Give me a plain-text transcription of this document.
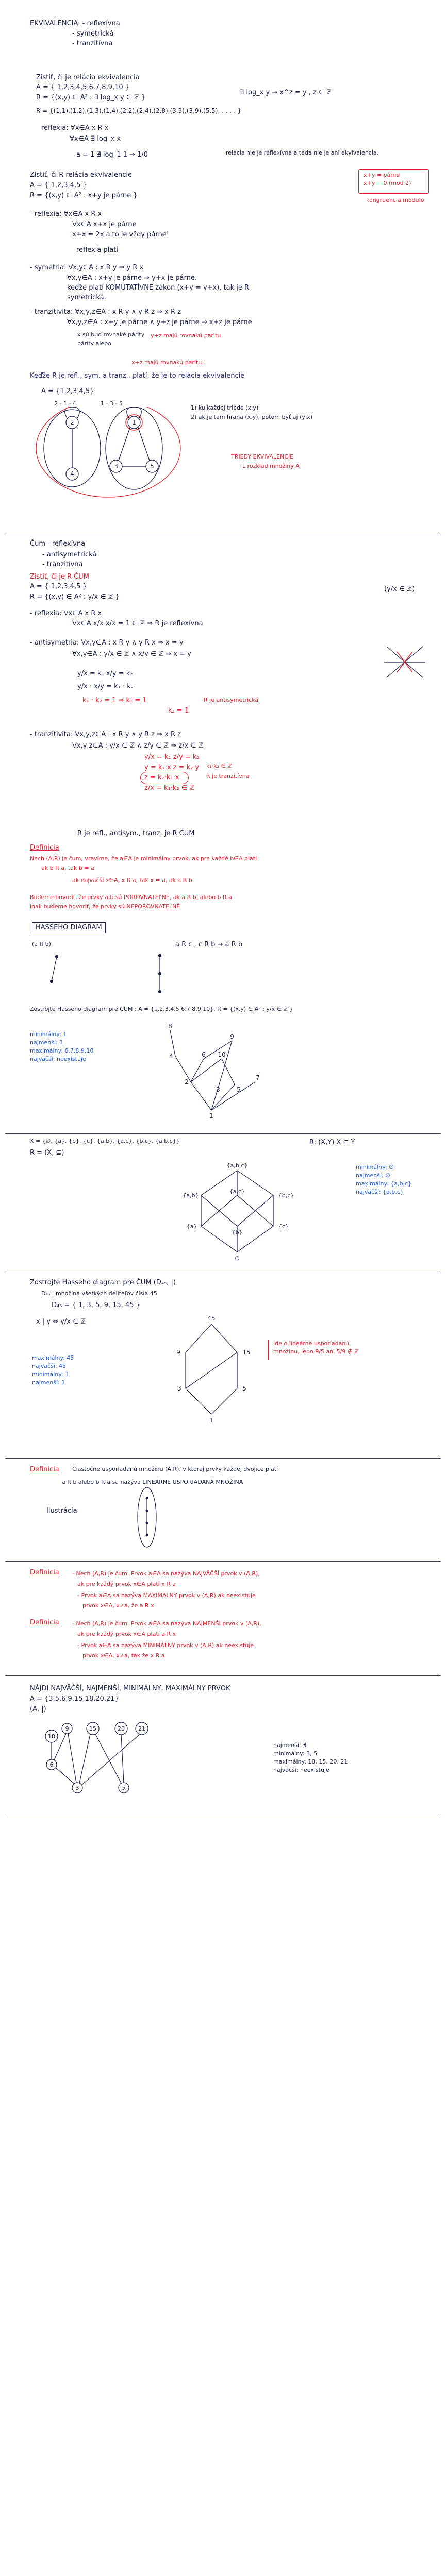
EKVIVALENCIA: - reflexívna
- symetrická
- tranzitívna
Zistiť, či je relácia ekvivalencia
A = { 1,2,3,4,5,6,7,8,9,10 }
R = {(x,y) ∈ A² : ∃ log_x y ∈ ℤ }
∃ log_x y → x^z = y , z ∈ ℤ
R = {(1,1),(1,2),(1,3),(1,4),(2,2),(2,4),(2,8),(3,3),(3,9),(5,5), . . . . }
reflexia: ∀x∈A x R x
∀x∈A ∃ log_x x
a = 1 ∄ log_1 1 → 1/0	relácia nie je reflexívna a teda nie je ani ekvivalencia.
Zistiť, či R relácia ekvivalencie
A = { 1,2,3,4,5 }
R = {(x,y) ∈ A² : x+y je párne }
x+y = párne
x+y ≡ 0 (mod 2)
kongruencia modulo
- reflexia: ∀x∈A x R x
∀x∈A x+x je párne
x+x = 2x a to je vždy párne!
reflexia platí
- symetria: ∀x,y∈A : x R y ⇒ y R x
∀x,y∈A : x+y je párne ⇒ y+x je párne.
keďže platí KOMUTATÍVNE zákon (x+y = y+x), tak je R
symetrická.
- tranzitivita: ∀x,y,z∈A : x R y ∧ y R z ⇒ x R z
∀x,y,z∈A : x+y je párne ∧ y+z je párne ⇒ x+z je párne
x sú buď rovnaké párity
párity alebo
y+z majú rovnakú paritu
x+z majú rovnakú paritu!
Keďže R je refl., sym. a tranz., platí, že je to relácia ekvivalencie
A = {1,2,3,4,5}
2 - 1 - 4	1 - 3 - 5
1) ku každej triede (x,y)
2) ak je tam hrana (x,y), potom byť aj (y,x)
2
4
1
3	5
TRIEDY EKVIVALENCIE
L rozklad množiny A
Čum - reflexívna
- antisymetrická
- tranzitívna
Zistiť, či je R ČUM
A = { 1,2,3,4,5 }
R = {(x,y) ∈ A² : y/x ∈ ℤ }
(y/x ∈ ℤ)
- reflexia: ∀x∈A x R x
∀x∈A x/x x/x = 1 ∈ ℤ ⇒ R je reflexívna
- antisymetria: ∀x,y∈A : x R y ∧ y R x ⇒ x = y
∀x,y∈A : y/x ∈ ℤ ∧ x/y ∈ ℤ ⇒ x = y
y/x = k₁ x/y = k₂
y/x · x/y = k₁ · k₂
k₁ · k₂ = 1 ⇒ k₁ = 1
k₂ = 1
R je antisymetrická
- tranzitivita: ∀x,y,z∈A : x R y ∧ y R z ⇒ x R z
∀x,y,z∈A : y/x ∈ ℤ ∧ z/y ∈ ℤ ⇒ z/x ∈ ℤ
y/x = k₁ z/y = k₂
y = k₁·x z = k₂·y
z = k₂·k₁·x
z/x = k₁·k₂ ∈ ℤ
k₁·k₂ ∈ ℤ
R je tranzitívna
R je refl., antisym., tranz. je R ČUM
Definícia
Nech (A,R) je čum, vravíme, že a∈A je minimálny prvok, ak pre každé b∈A platí
ak b R a, tak b = a
ak najväčší x∈A, x R a, tak x = a, ak a R b
Budeme hovoriť, že prvky a,b sú POROVNATEĽNÉ, ak a R b, alebo b R a
inak budeme hovoriť, že prvky sú NEPOROVNATEĽNÉ
HASSEHO DIAGRAM
(a R b)	a R c , c R b → a R b
Zostrojte Hasseho diagram pre ČUM : A = {1,2,3,4,5,6,7,8,9,10}, R = {(x,y) ∈ A² : y/x ∈ ℤ }
minimálny: 1
najmenší: 1
maximálny: 6,7,8,9,10
najväčší: neexistuje
8
4
2
6 10
9
3	5
7
1
X = {∅, {a}, {b}, {c}, {a,b}, {a,c}, {b,c}, {a,b,c}}
R = (X, ⊆)
R: (X,Y) X ⊆ Y
minimálny: ∅
najmenší: ∅
maximálny: {a,b,c}
najväčší: {a,b,c}
{a,b,c}
{a,b}
{a,c}
{b,c}
{a}
{b}
{c}
∅
Zostrojte Hasseho diagram pre ČUM (D₄₅, |)
D₄₅ : množina všetkých deliteľov čísla 45
D₄₅ = { 1, 3, 5, 9, 15, 45 }
x | y ⇔ y/x ∈ ℤ
maximálny: 45
najväčší: 45
minimálny: 1
najmenší: 1
45
9	15
3	5
1
Ide o lineárne usporiadanú
množinu, lebo 9/5 ani 5/9 ∉ ℤ
Definícia Čiastočne usporiadanú množinu (A,R), v ktorej prvky každej dvojice platí
a R b alebo b R a sa nazýva LINEÁRNE USPORIADANÁ MNOŽINA
Ilustrácia
Definícia - Nech (A,R) je čum. Prvok a∈A sa nazýva NAJVÄČŠÍ prvok v (A,R),
ak pre každý prvok x∈A platí x R a
- Prvok a∈A sa nazýva MAXIMÁLNY prvok v (A,R) ak neexistuje
prvok x∈A, x≠a, že a R x
Definícia - Nech (A,R) je čum. Prvok a∈A sa nazýva NAJMENŠÍ prvok v (A,R),
ak pre každý prvok x∈A platí a R x
- Prvok a∈A sa nazýva MINIMÁLNY prvok v (A,R) ak neexistuje
prvok x∈A, x≠a, tak že x R a
NÁJDI NAJVÄČŠÍ, NAJMENŠÍ, MINIMÁLNY, MAXIMÁLNY PRVOK
A = {3,5,6,9,15,18,20,21}
(A, |)
18
9	15	20 21
6
3	5
najmenší: ∄
minimálny: 3, 5
maximálny: 18, 15, 20, 21
najväčší: neexistuje
